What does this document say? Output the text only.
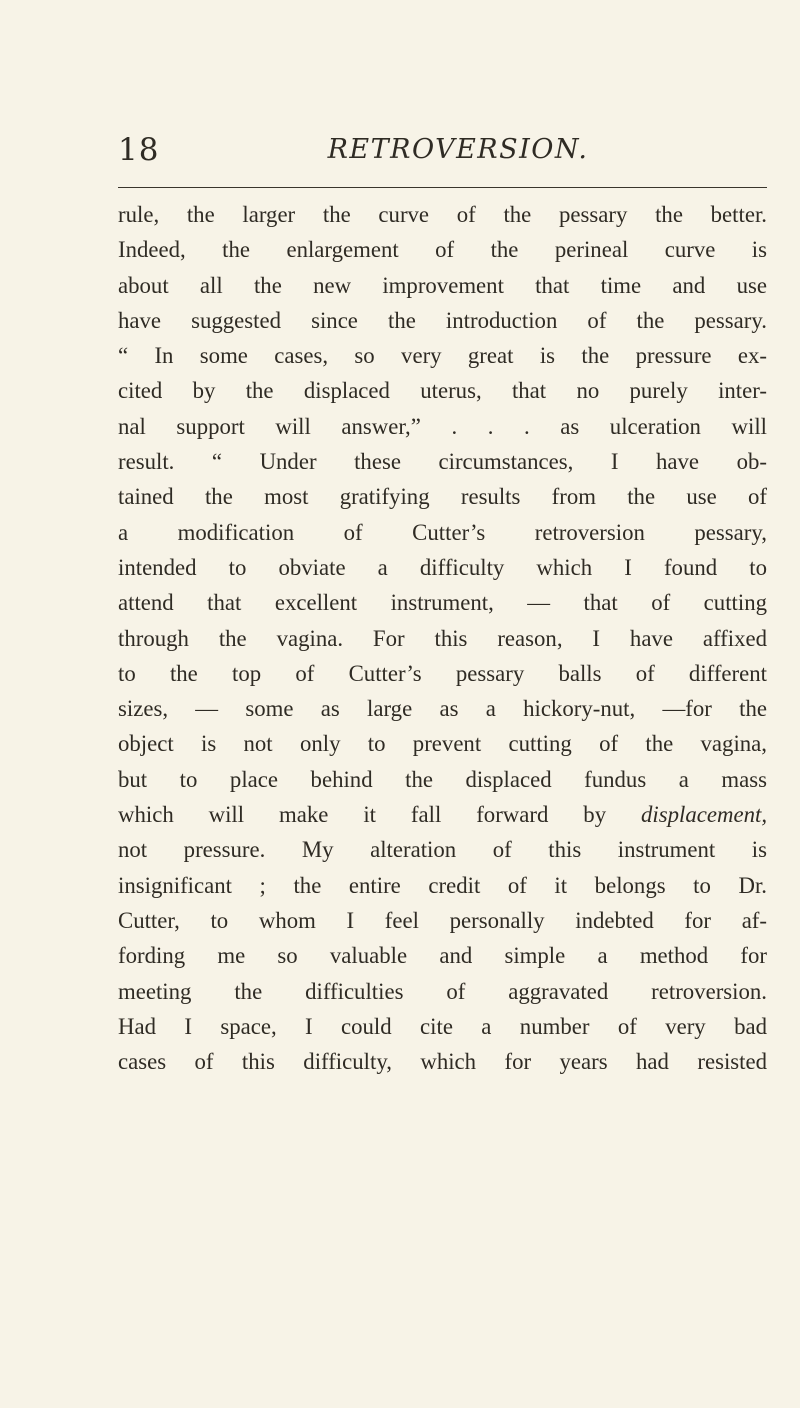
18	RETROVERSION.
rule, the larger the curve of the pessary the better.
Indeed, the enlargement of the perineal curve is
about all the new improvement that time and use
have suggested since the introduction of the pessary.
“ In some cases, so very great is the pressure ex-
cited by the displaced uterus, that no purely inter-
nal support will answer,” . . . as ulceration will
result. “ Under these circumstances, I have ob-
tained the most gratifying results from the use of
a modification of Cutter’s retroversion pessary,
intended to obviate a difficulty which I found to
attend that excellent instrument, — that of cutting
through the vagina. For this reason, I have affixed
to the top of Cutter’s pessary balls of different
sizes, — some as large as a hickory-nut, —for the
object is not only to prevent cutting of the vagina,
but to place behind the displaced fundus a mass
which will make it fall forward by displacement,
not pressure. My alteration of this instrument is
insignificant ; the entire credit of it belongs to Dr.
Cutter, to whom I feel personally indebted for af-
fording me so valuable and simple a method for
meeting the difficulties of aggravated retroversion.
Had I space, I could cite a number of very bad
cases of this difficulty, which for years had resisted
